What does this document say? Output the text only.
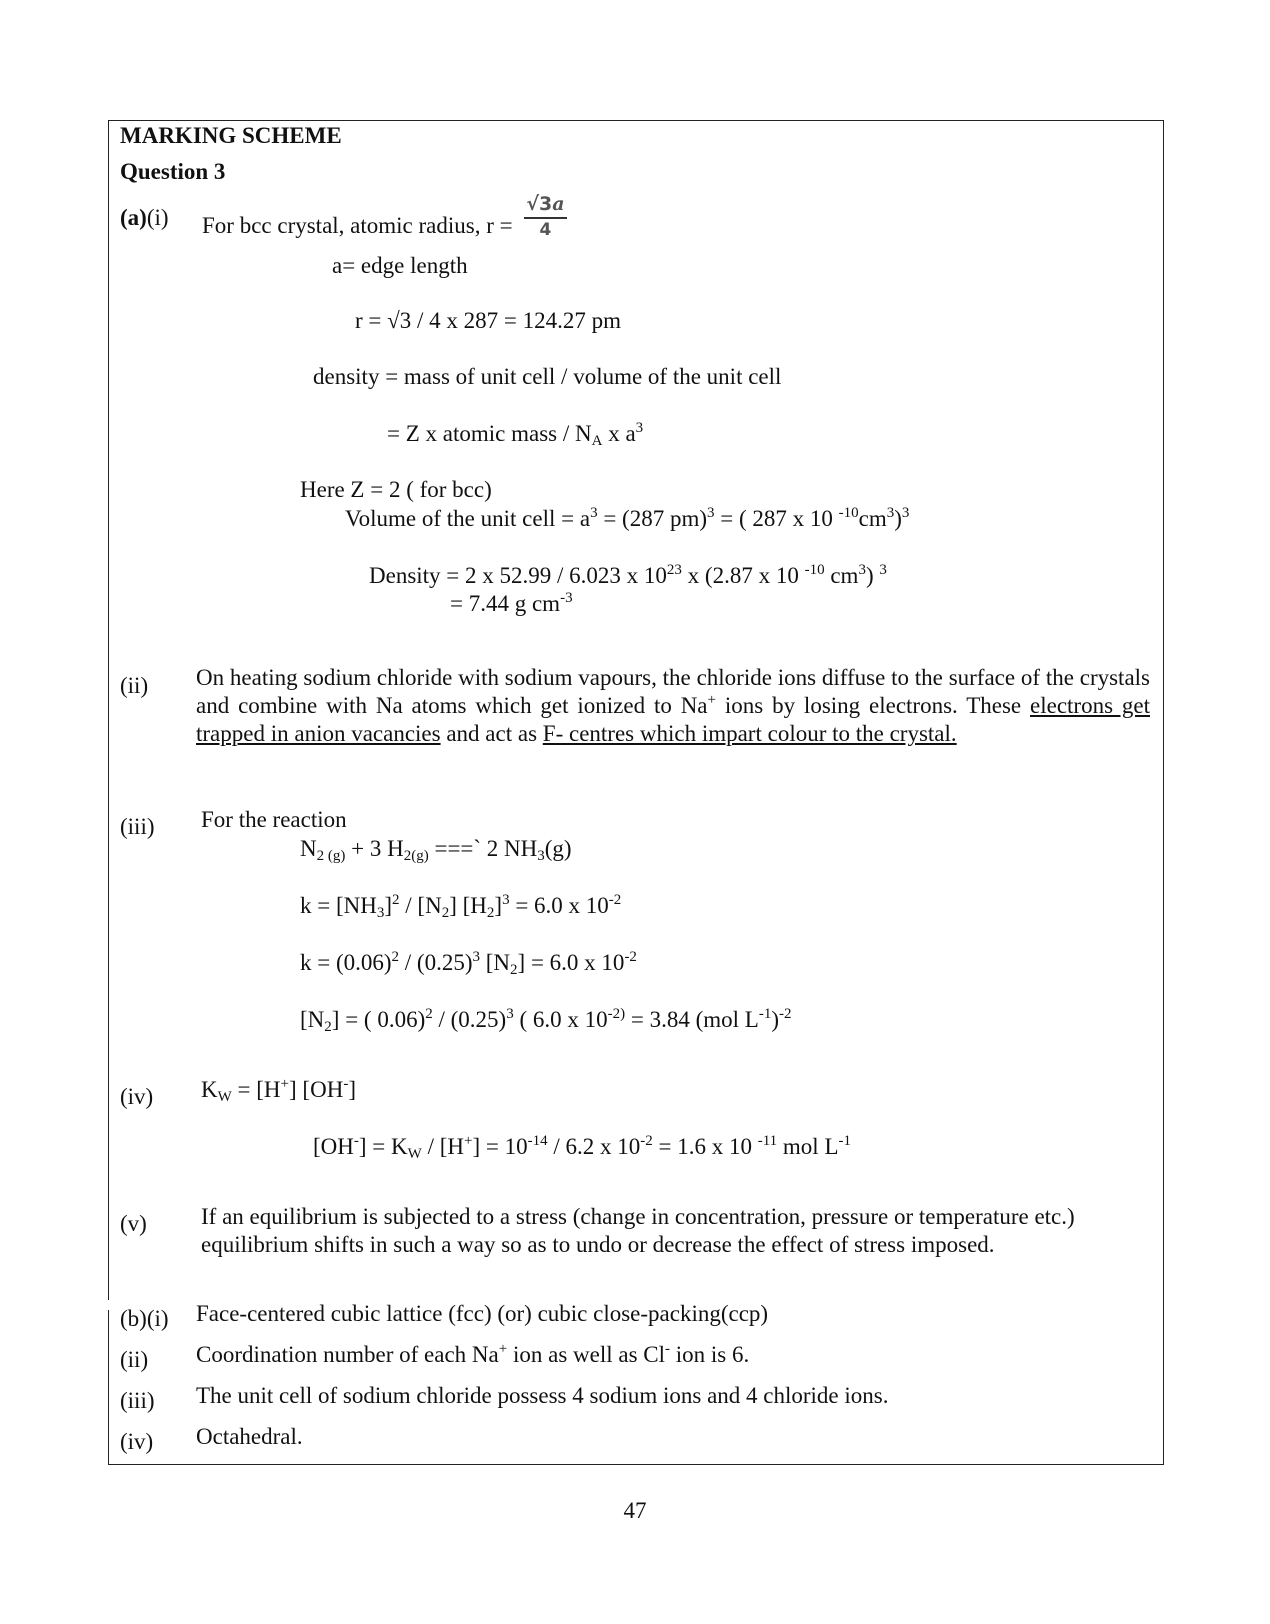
MARKING SCHEME
Question 3
(a)(i) For bcc crystal, atomic radius, $r = \frac{√3a}{4}$
a= edge length
r = √3 / 4 x 287 = 124.27 pm
density = mass of unit cell / volume of the unit cell
= Z x atomic mass / $N_A$ x $a^3$
Here Z = 2 ( for bcc)
Volume of the unit cell = $a^3 = (287$ pm)$^3$ = ( 287 x 10 $^{-10}cm^3)^3$
Density = 2 x 52.99 / 6.023 x $10^{23}$ x (2.87 x 10 $^{-10}$ $cm^3$) $^3$
= 7.44 g $cm^{-3}$
(ii) On heating sodium chloride with sodium vapours, the chloride ions diffuse to the surface of the crystals and combine with Na atoms which get ionized to Na+ ions by losing electrons. These electrons get trapped in anion vacancies and act as F- centres which impart colour to the crystal.
(iii) For the reaction
$N_{2 (g)} + 3$ $H_{2(g)}$ ===` 2 $NH_3(g)$
$k = [NH_3]^2 / [N_2] [H_2]^3 = 6.0$ x $10^{-2}$
$k = (0.06)^2 / (0.25)^3$ $[N_2] = 6.0$ x $10^{-2}$
$[N_2]$ = ( $0.06)^2 / (0.25)^3$ ( 6.0 x $10^{-2)} = 3.84$ (mol $L^{-1})^{-2}$
(iv) $K_W = [H^+]$ [OH-]
$[OH^-] = K_W / [H^+] = 10^{-14} / 6.2$ x $10^{-2} = 1.6$ x 10 $^{-11}$ mol $L^{-1}$
(v) If an equilibrium is subjected to a stress (change in concentration, pressure or temperature etc.)
equilibrium shifts in such a way so as to undo or decrease the effect of stress imposed.
(b)(i) Face-centered cubic lattice (fcc) (or) cubic close-packing(ccp)
(ii) Coordination number of each Na+ ion as well as Cl- ion is 6.
(iii) The unit cell of sodium chloride possess 4 sodium ions and 4 chloride ions.
(iv) Octahedral.
47
